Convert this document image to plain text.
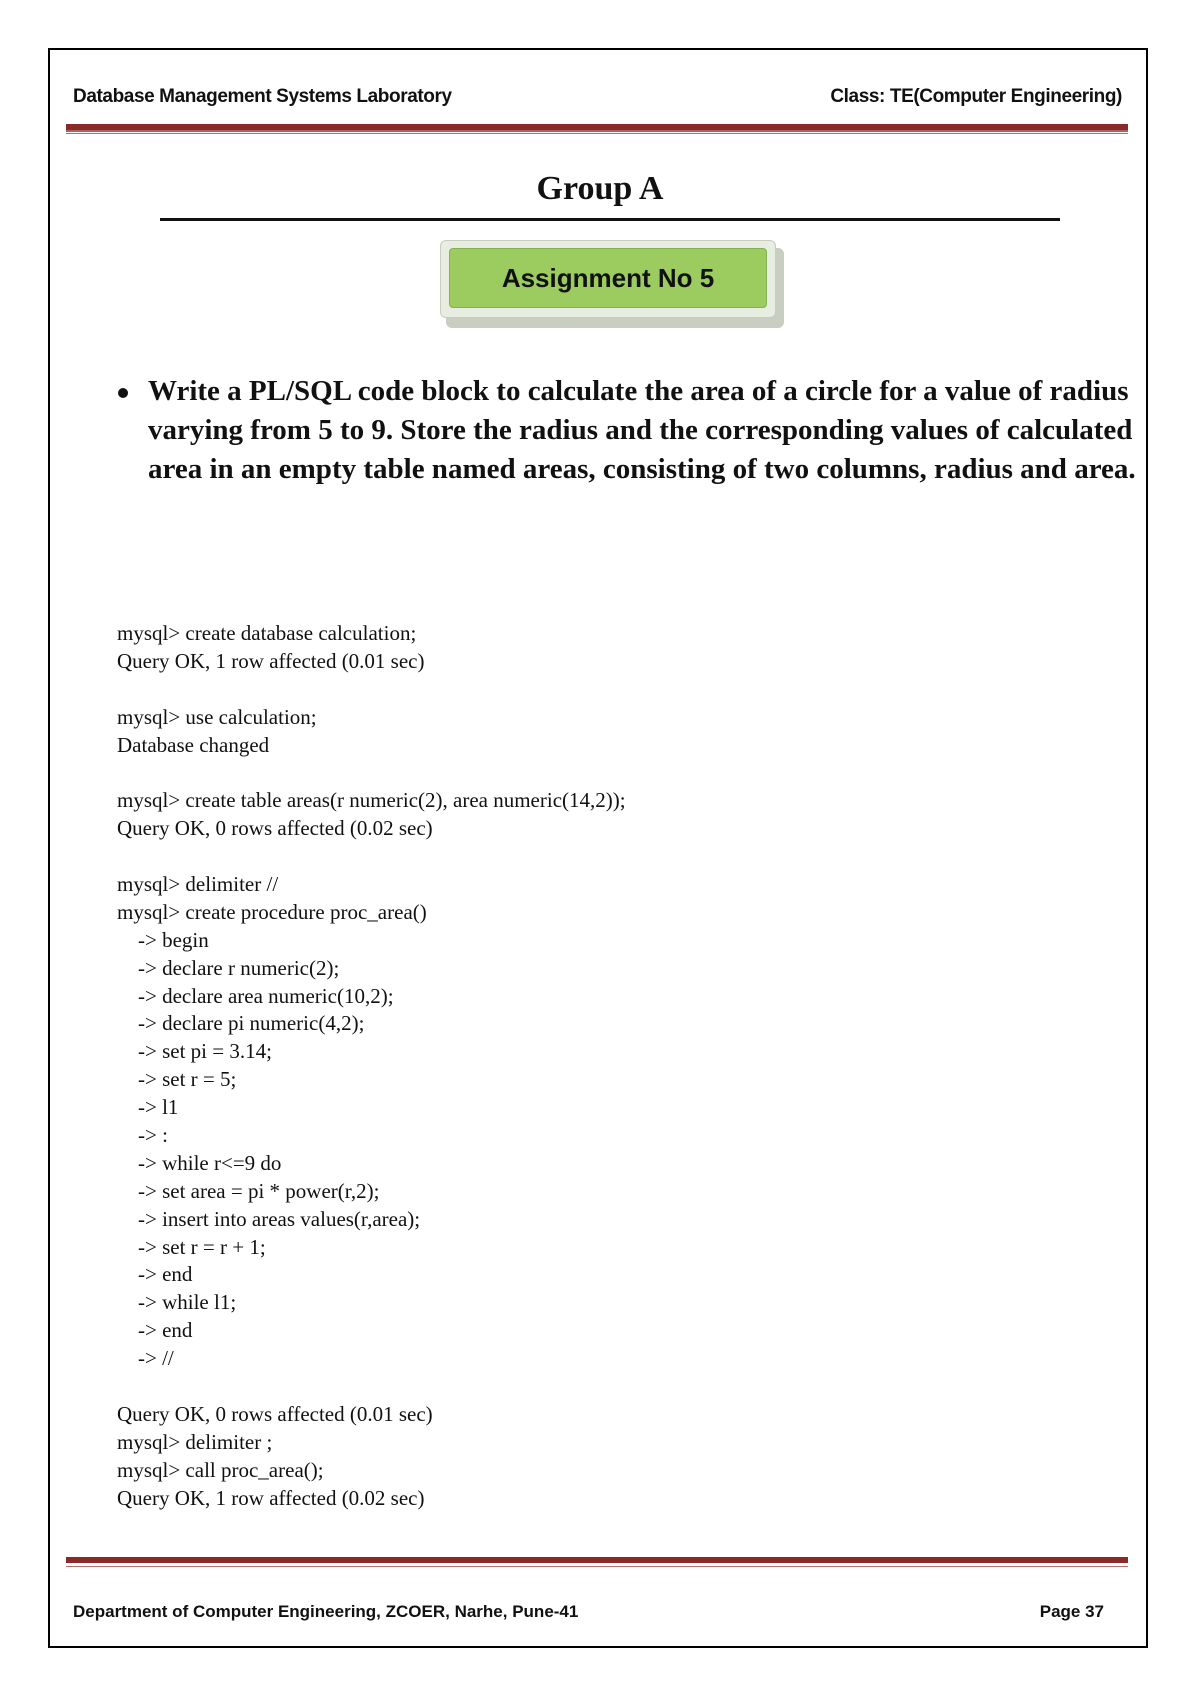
Database Management Systems Laboratory	Class: TE(Computer Engineering)
Group A
Assignment No 5
Write a PL/SQL code block to calculate the area of a circle for a value of radius varying from 5 to 9. Store the radius and the corresponding values of calculated area in an empty table named areas, consisting of two columns, radius and area.
mysql> create database calculation;
Query OK, 1 row affected (0.01 sec)
mysql> use calculation;
Database changed
mysql> create table areas(r numeric(2), area numeric(14,2));
Query OK, 0 rows affected (0.02 sec)
mysql> delimiter //
mysql> create procedure proc_area()
-> begin
-> declare r numeric(2);
-> declare area numeric(10,2);
-> declare pi numeric(4,2);
-> set pi = 3.14;
-> set r = 5;
-> l1
-> :
-> while r<=9 do
-> set area = pi * power(r,2);
-> insert into areas values(r,area);
-> set r = r + 1;
-> end
-> while l1;
-> end
-> //
Query OK, 0 rows affected (0.01 sec)
mysql> delimiter ;
mysql> call proc_area();
Query OK, 1 row affected (0.02 sec)
Department of Computer Engineering, ZCOER, Narhe, Pune-41	Page 37
